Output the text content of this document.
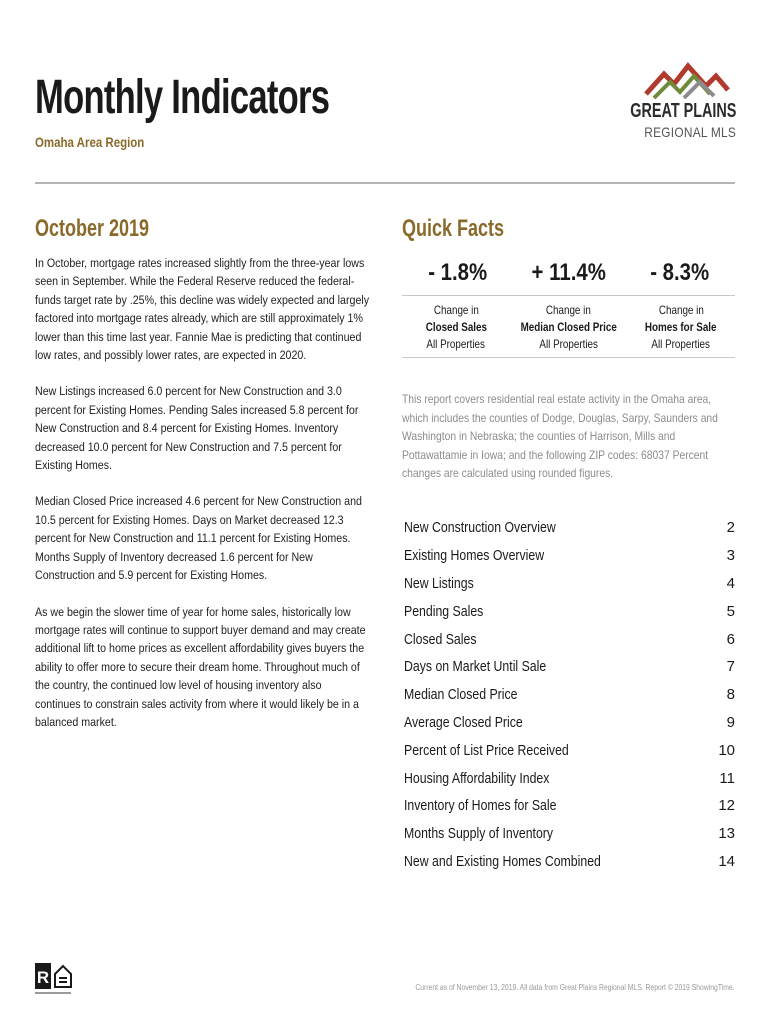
Monthly Indicators
Omaha Area Region
GREAT PLAINS
REGIONAL MLS
October 2019

In October, mortgage rates increased slightly from the three-year lows seen in September. While the Federal Reserve reduced the federal-funds target rate by .25%, this decline was widely expected and largely factored into mortgage rates already, which are still approximately 1% lower than this time last year. Fannie Mae is predicting that continued low rates, and possibly lower rates, are expected in 2020.

New Listings increased 6.0 percent for New Construction and 3.0 percent for Existing Homes. Pending Sales increased 5.8 percent for New Construction and 8.4 percent for Existing Homes. Inventory decreased 10.0 percent for New Construction and 7.5 percent for Existing Homes.

Median Closed Price increased 4.6 percent for New Construction and 10.5 percent for Existing Homes. Days on Market decreased 12.3 percent for New Construction and 11.1 percent for Existing Homes. Months Supply of Inventory decreased 1.6 percent for New Construction and 5.9 percent for Existing Homes.

As we begin the slower time of year for home sales, historically low mortgage rates will continue to support buyer demand and may create additional lift to home prices as excellent affordability gives buyers the ability to offer more to secure their dream home. Throughout much of the country, the continued low level of housing inventory also continues to constrain sales activity from where it would likely be in a balanced market.

Quick Facts
- 1.8%	+ 11.4%	- 8.3%
Change in
Closed Sales
All Properties
Change in
Median Closed Price
All Properties
Change in
Homes for Sale
All Properties
This report covers residential real estate activity in the Omaha area, which includes the counties of Dodge, Douglas, Sarpy, Saunders and Washington in Nebraska; the counties of Harrison, Mills and Pottawattamie in Iowa; and the following ZIP codes: 68037 Percent changes are calculated using rounded figures.
New Construction Overview	2
Existing Homes Overview	3
New Listings	4
Pending Sales	5
Closed Sales	6
Days on Market Until Sale	7
Median Closed Price	8
Average Closed Price	9
Percent of List Price Received	10
Housing Affordability Index	11
Inventory of Homes for Sale	12
Months Supply of Inventory	13
New and Existing Homes Combined	14
R
Current as of November 13, 2019. All data from Great Plains Regional MLS. Report © 2019 ShowingTime.
